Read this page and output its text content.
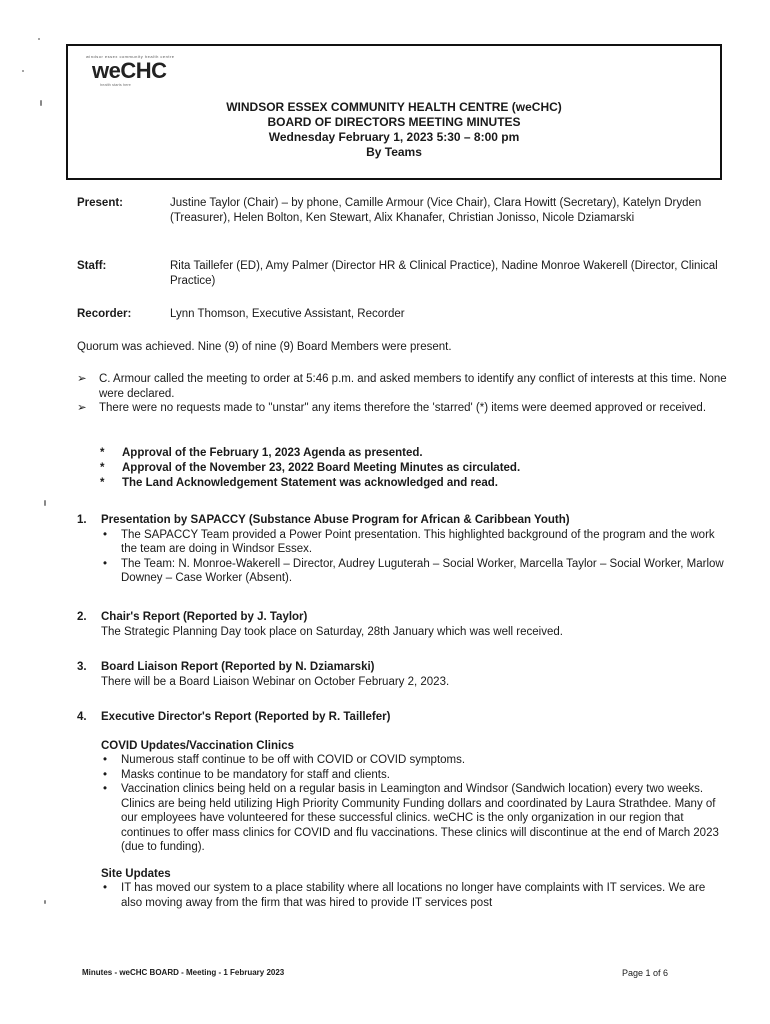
windsor essex community health centre
weCHC
health starts here
WINDSOR ESSEX COMMUNITY HEALTH CENTRE (weCHC)
BOARD OF DIRECTORS MEETING MINUTES
Wednesday February 1, 2023 5:30 – 8:00 pm
By Teams
Present:	Justine Taylor (Chair) – by phone, Camille Armour (Vice Chair), Clara Howitt (Secretary), Katelyn Dryden (Treasurer), Helen Bolton, Ken Stewart, Alix Khanafer, Christian Jonisso, Nicole Dziamarski
Staff:	Rita Taillefer (ED), Amy Palmer (Director HR & Clinical Practice), Nadine Monroe Wakerell (Director, Clinical Practice)
Recorder:	Lynn Thomson, Executive Assistant, Recorder
Quorum was achieved. Nine (9) of nine (9) Board Members were present.
➢ C. Armour called the meeting to order at 5:46 p.m. and asked members to identify any conflict of interests at this time. None were declared.
➢ There were no requests made to "unstar" any items therefore the 'starred' (*) items were deemed approved or received.
* Approval of the February 1, 2023 Agenda as presented.
* Approval of the November 23, 2022 Board Meeting Minutes as circulated.
* The Land Acknowledgement Statement was acknowledged and read.
1. Presentation by SAPACCY (Substance Abuse Program for African & Caribbean Youth)
• The SAPACCY Team provided a Power Point presentation. This highlighted background of the program and the work the team are doing in Windsor Essex.
• The Team: N. Monroe-Wakerell – Director, Audrey Luguterah – Social Worker, Marcella Taylor – Social Worker, Marlow Downey – Case Worker (Absent).
2. Chair's Report (Reported by J. Taylor)
The Strategic Planning Day took place on Saturday, 28th January which was well received.
3. Board Liaison Report (Reported by N. Dziamarski)
There will be a Board Liaison Webinar on October February 2, 2023.
4. Executive Director's Report (Reported by R. Taillefer)
COVID Updates/Vaccination Clinics
• Numerous staff continue to be off with COVID or COVID symptoms.
• Masks continue to be mandatory for staff and clients.
• Vaccination clinics being held on a regular basis in Leamington and Windsor (Sandwich location) every two weeks. Clinics are being held utilizing High Priority Community Funding dollars and coordinated by Laura Strathdee. Many of our employees have volunteered for these successful clinics. weCHC is the only organization in our region that continues to offer mass clinics for COVID and flu vaccinations. These clinics will discontinue at the end of March 2023 (due to funding).
Site Updates
• IT has moved our system to a place stability where all locations no longer have complaints with IT services. We are also moving away from the firm that was hired to provide IT services post
Minutes - weCHC BOARD - Meeting - 1 February 2023	Page 1 of 6
